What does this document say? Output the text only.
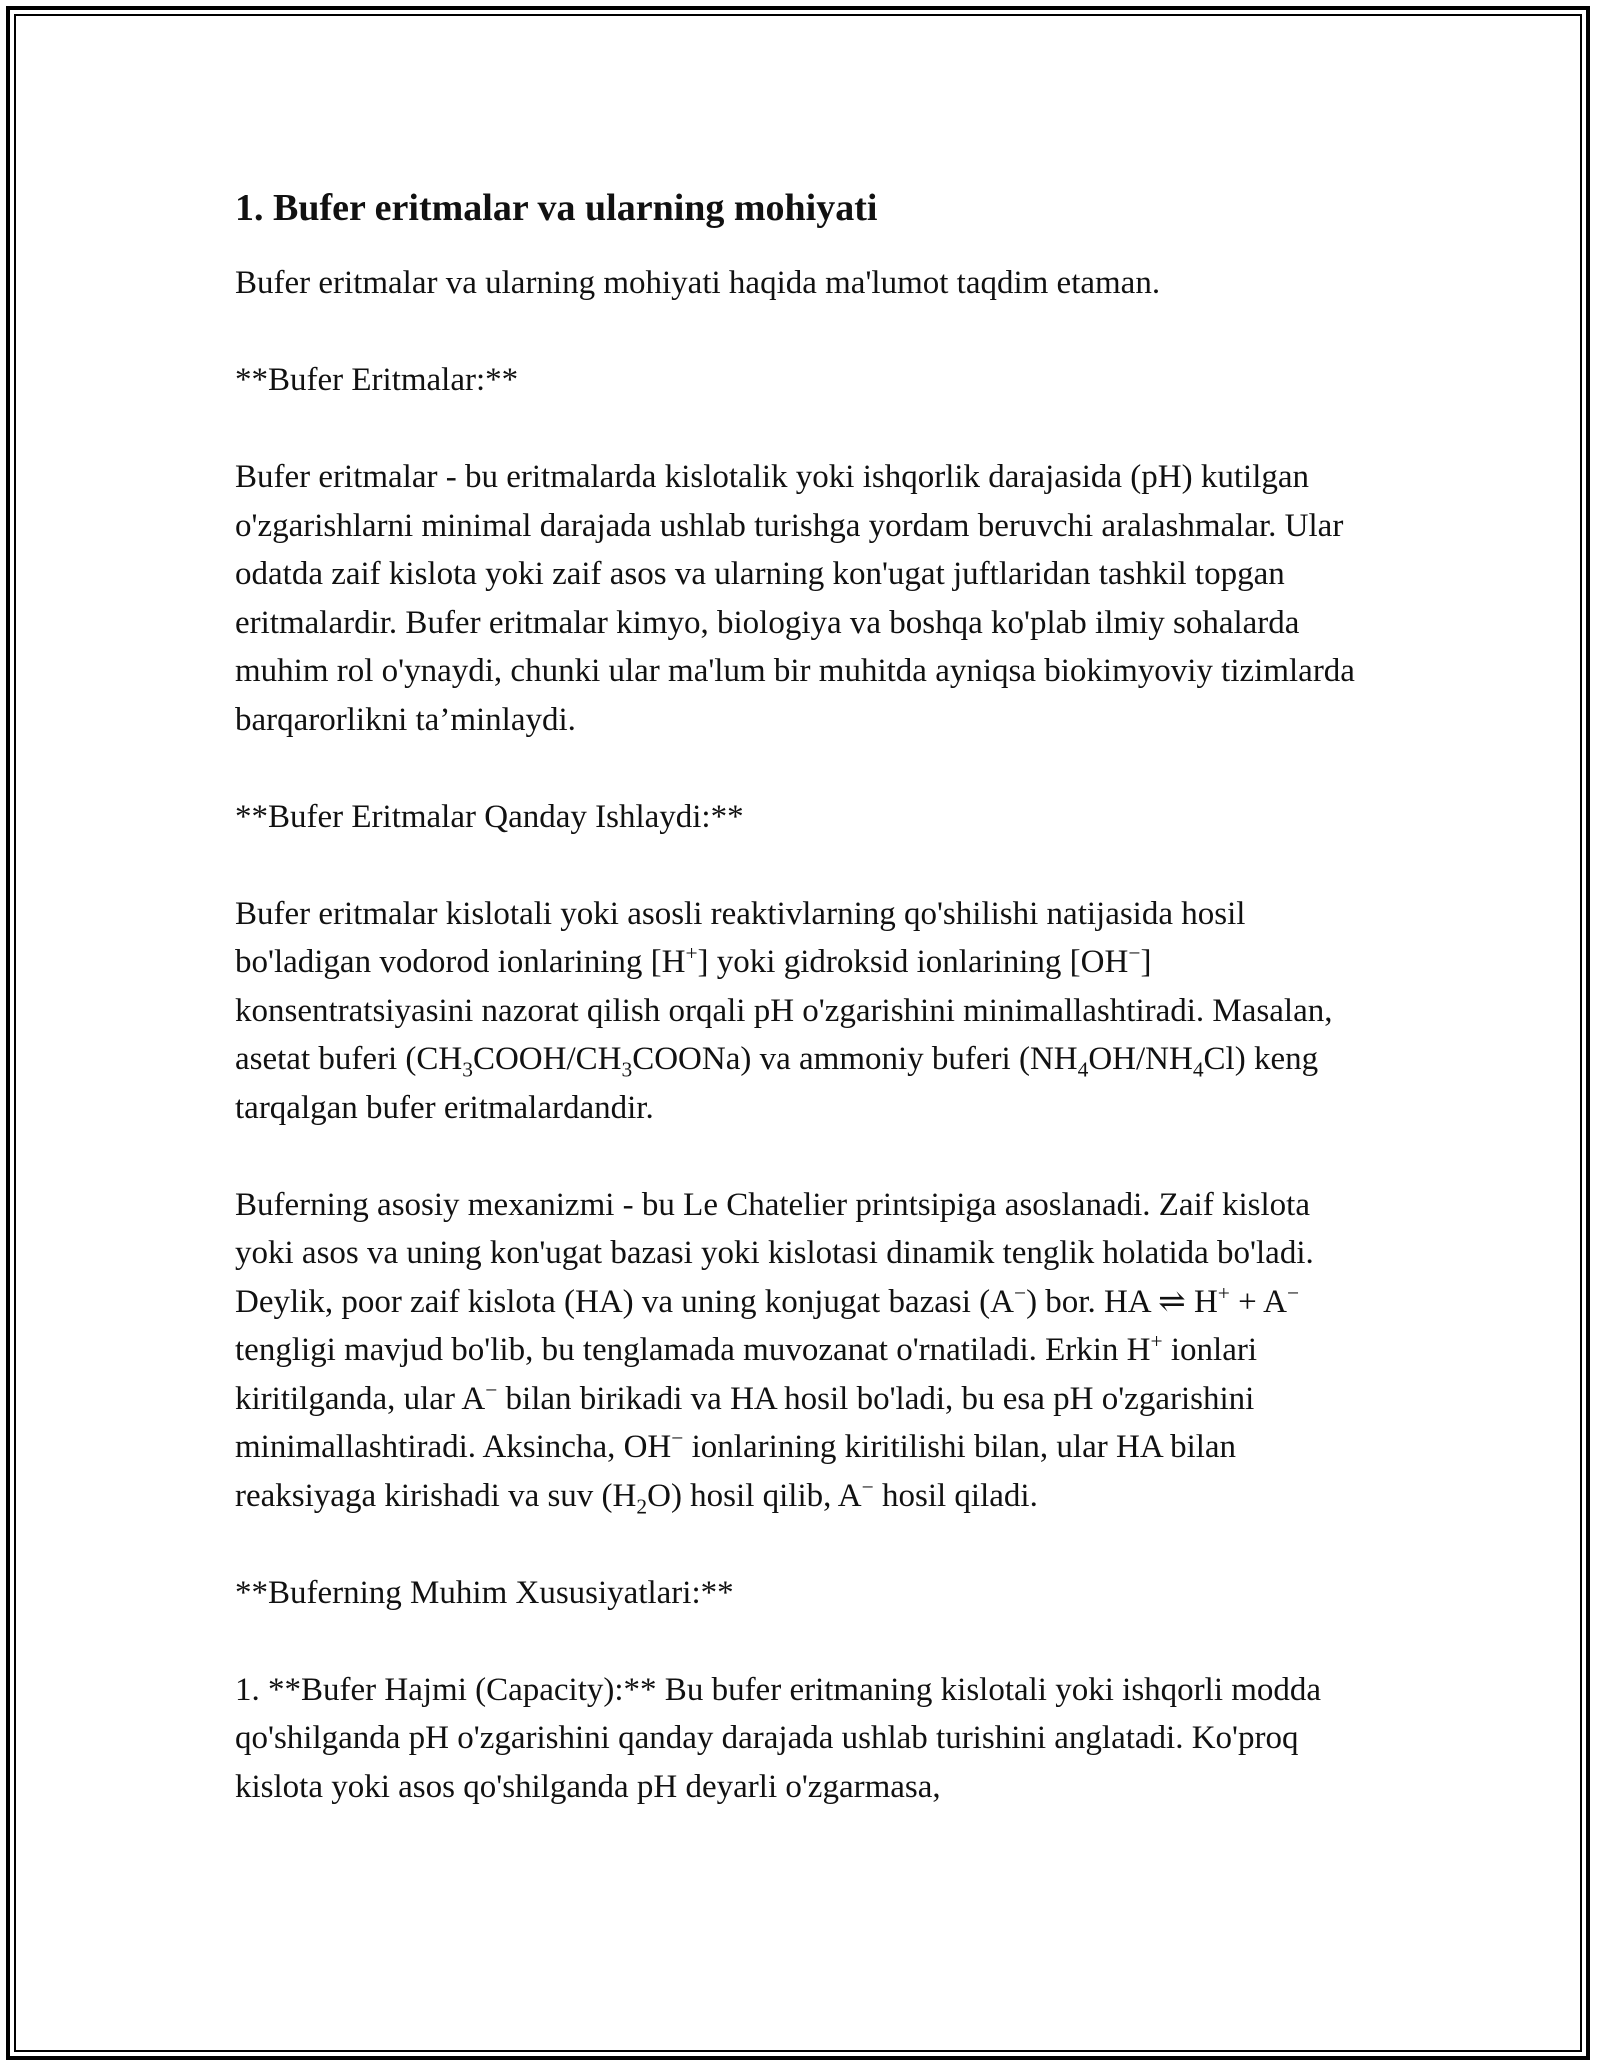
1. Bufer eritmalar va ularning mohiyati

Bufer eritmalar va ularning mohiyati haqida ma'lumot taqdim etaman.

**Bufer Eritmalar:**

Bufer eritmalar - bu eritmalarda kislotalik yoki ishqorlik darajasida (pH) kutilgan o'zgarishlarni minimal darajada ushlab turishga yordam beruvchi aralashmalar. Ular odatda zaif kislota yoki zaif asos va ularning kon'ugat juftlaridan tashkil topgan eritmalardir. Bufer eritmalar kimyo, biologiya va boshqa ko'plab ilmiy sohalarda muhim rol o'ynaydi, chunki ular ma'lum bir muhitda ayniqsa biokimyoviy tizimlarda barqarorlikni ta’minlaydi.

**Bufer Eritmalar Qanday Ishlaydi:**

Bufer eritmalar kislotali yoki asosli reaktivlarning qo'shilishi natijasida hosil bo'ladigan vodorod ionlarining [H+] yoki gidroksid ionlarining [OH−] konsentratsiyasini nazorat qilish orqali pH o'zgarishini minimallashtiradi. Masalan, asetat buferi $(CH_3COOH/CH_3COONa)$ va ammoniy buferi $(NH_4OH/NH_4Cl)$ keng tarqalgan bufer eritmalardandir.

Buferning asosiy mexanizmi - bu Le Chatelier printsipiga asoslanadi. Zaif kislota yoki asos va uning kon'ugat bazasi yoki kislotasi dinamik tenglik holatida bo'ladi. Deylik, poor zaif kislota (HA) va uning konjugat bazasi (A−) bor. HA ⇌ H+ + A− tengligi mavjud bo'lib, bu tenglamada muvozanat o'rnatiladi. Erkin H+ ionlari kiritilganda, ular A− bilan birikadi va HA hosil bo'ladi, bu esa pH o'zgarishini minimallashtiradi. Aksincha, OH− ionlarining kiritilishi bilan, ular HA bilan reaksiyaga kirishadi va suv $(H_2O)$ hosil qilib, A− hosil qiladi.

**Buferning Muhim Xususiyatlari:**

1. **Bufer Hajmi (Capacity):** Bu bufer eritmaning kislotali yoki ishqorli modda qo'shilganda pH o'zgarishini qanday darajada ushlab turishini anglatadi. Ko'proq kislota yoki asos qo'shilganda pH deyarli o'zgarmasa,
